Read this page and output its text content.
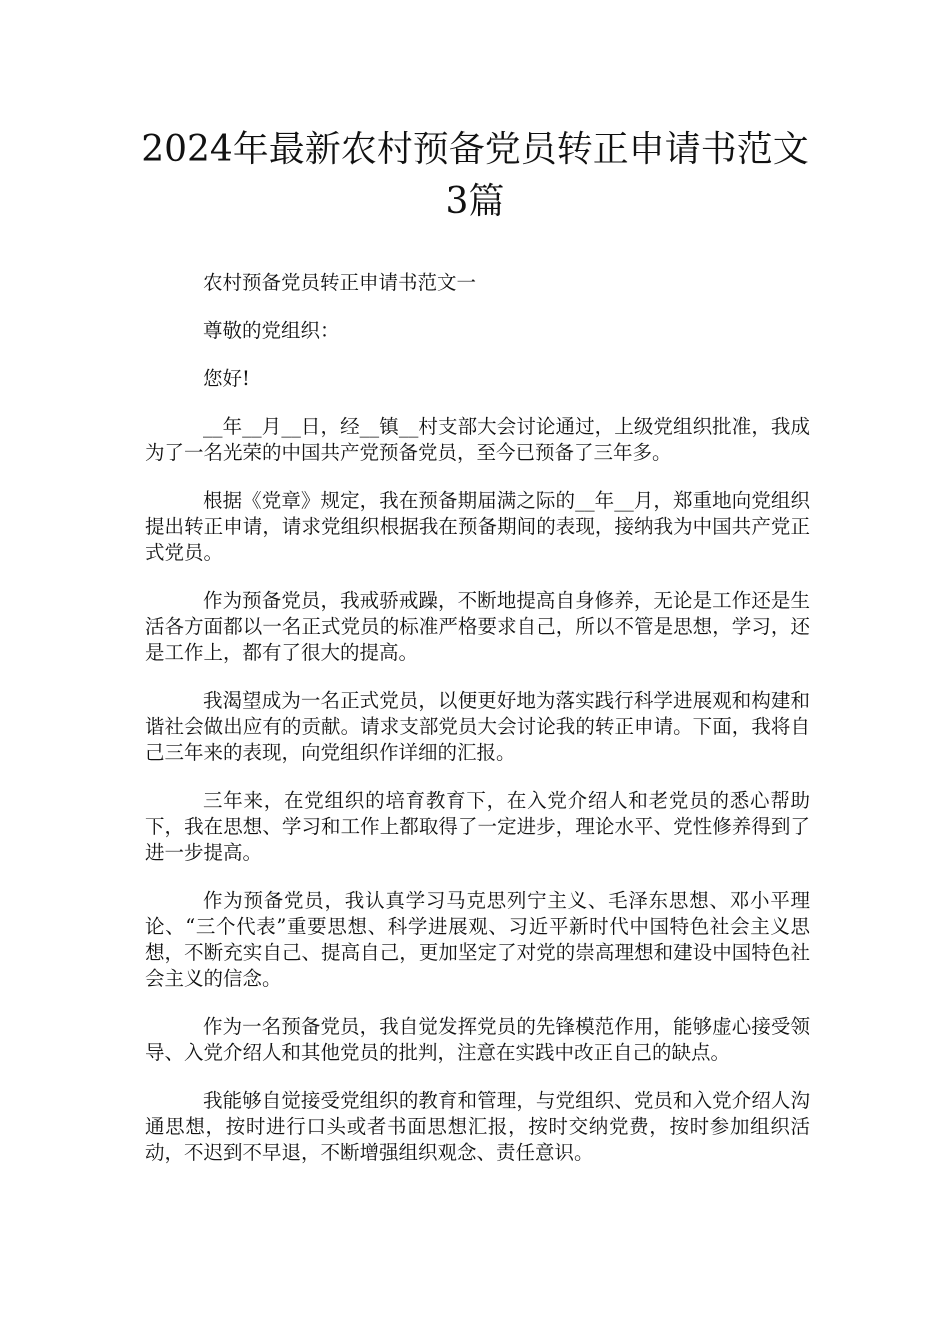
2024年最新农村预备党员转正申请书范文
3篇

农村预备党员转正申请书范文一

尊敬的党组织：

您好!

__年__月__日，经__镇__村支部大会讨论通过，上级党组织批准，我成为了一名光荣的中国共产党预备党员，至今已预备了三年多。

根据《党章》规定，我在预备期届满之际的__年__月，郑重地向党组织提出转正申请，请求党组织根据我在预备期间的表现，接纳我为中国共产党正式党员。

作为预备党员，我戒骄戒躁，不断地提高自身修养，无论是工作还是生活各方面都以一名正式党员的标准严格要求自己，所以不管是思想，学习，还是工作上，都有了很大的提高。

我渴望成为一名正式党员，以便更好地为落实践行科学进展观和构建和谐社会做出应有的贡献。请求支部党员大会讨论我的转正申请。下面，我将自己三年来的表现，向党组织作详细的汇报。

三年来，在党组织的培育教育下，在入党介绍人和老党员的悉心帮助下，我在思想、学习和工作上都取得了一定进步，理论水平、党性修养得到了进一步提高。

作为预备党员，我认真学习马克思列宁主义、毛泽东思想、邓小平理论、“三个代表”重要思想、科学进展观、习近平新时代中国特色社会主义思想，不断充实自己、提高自己，更加坚定了对党的崇高理想和建设中国特色社会主义的信念。

作为一名预备党员，我自觉发挥党员的先锋模范作用，能够虚心接受领导、入党介绍人和其他党员的批判，注意在实践中改正自己的缺点。

我能够自觉接受党组织的教育和管理，与党组织、党员和入党介绍人沟通思想，按时进行口头或者书面思想汇报，按时交纳党费，按时参加组织活动，不迟到不早退，不断增强组织观念、责任意识。
